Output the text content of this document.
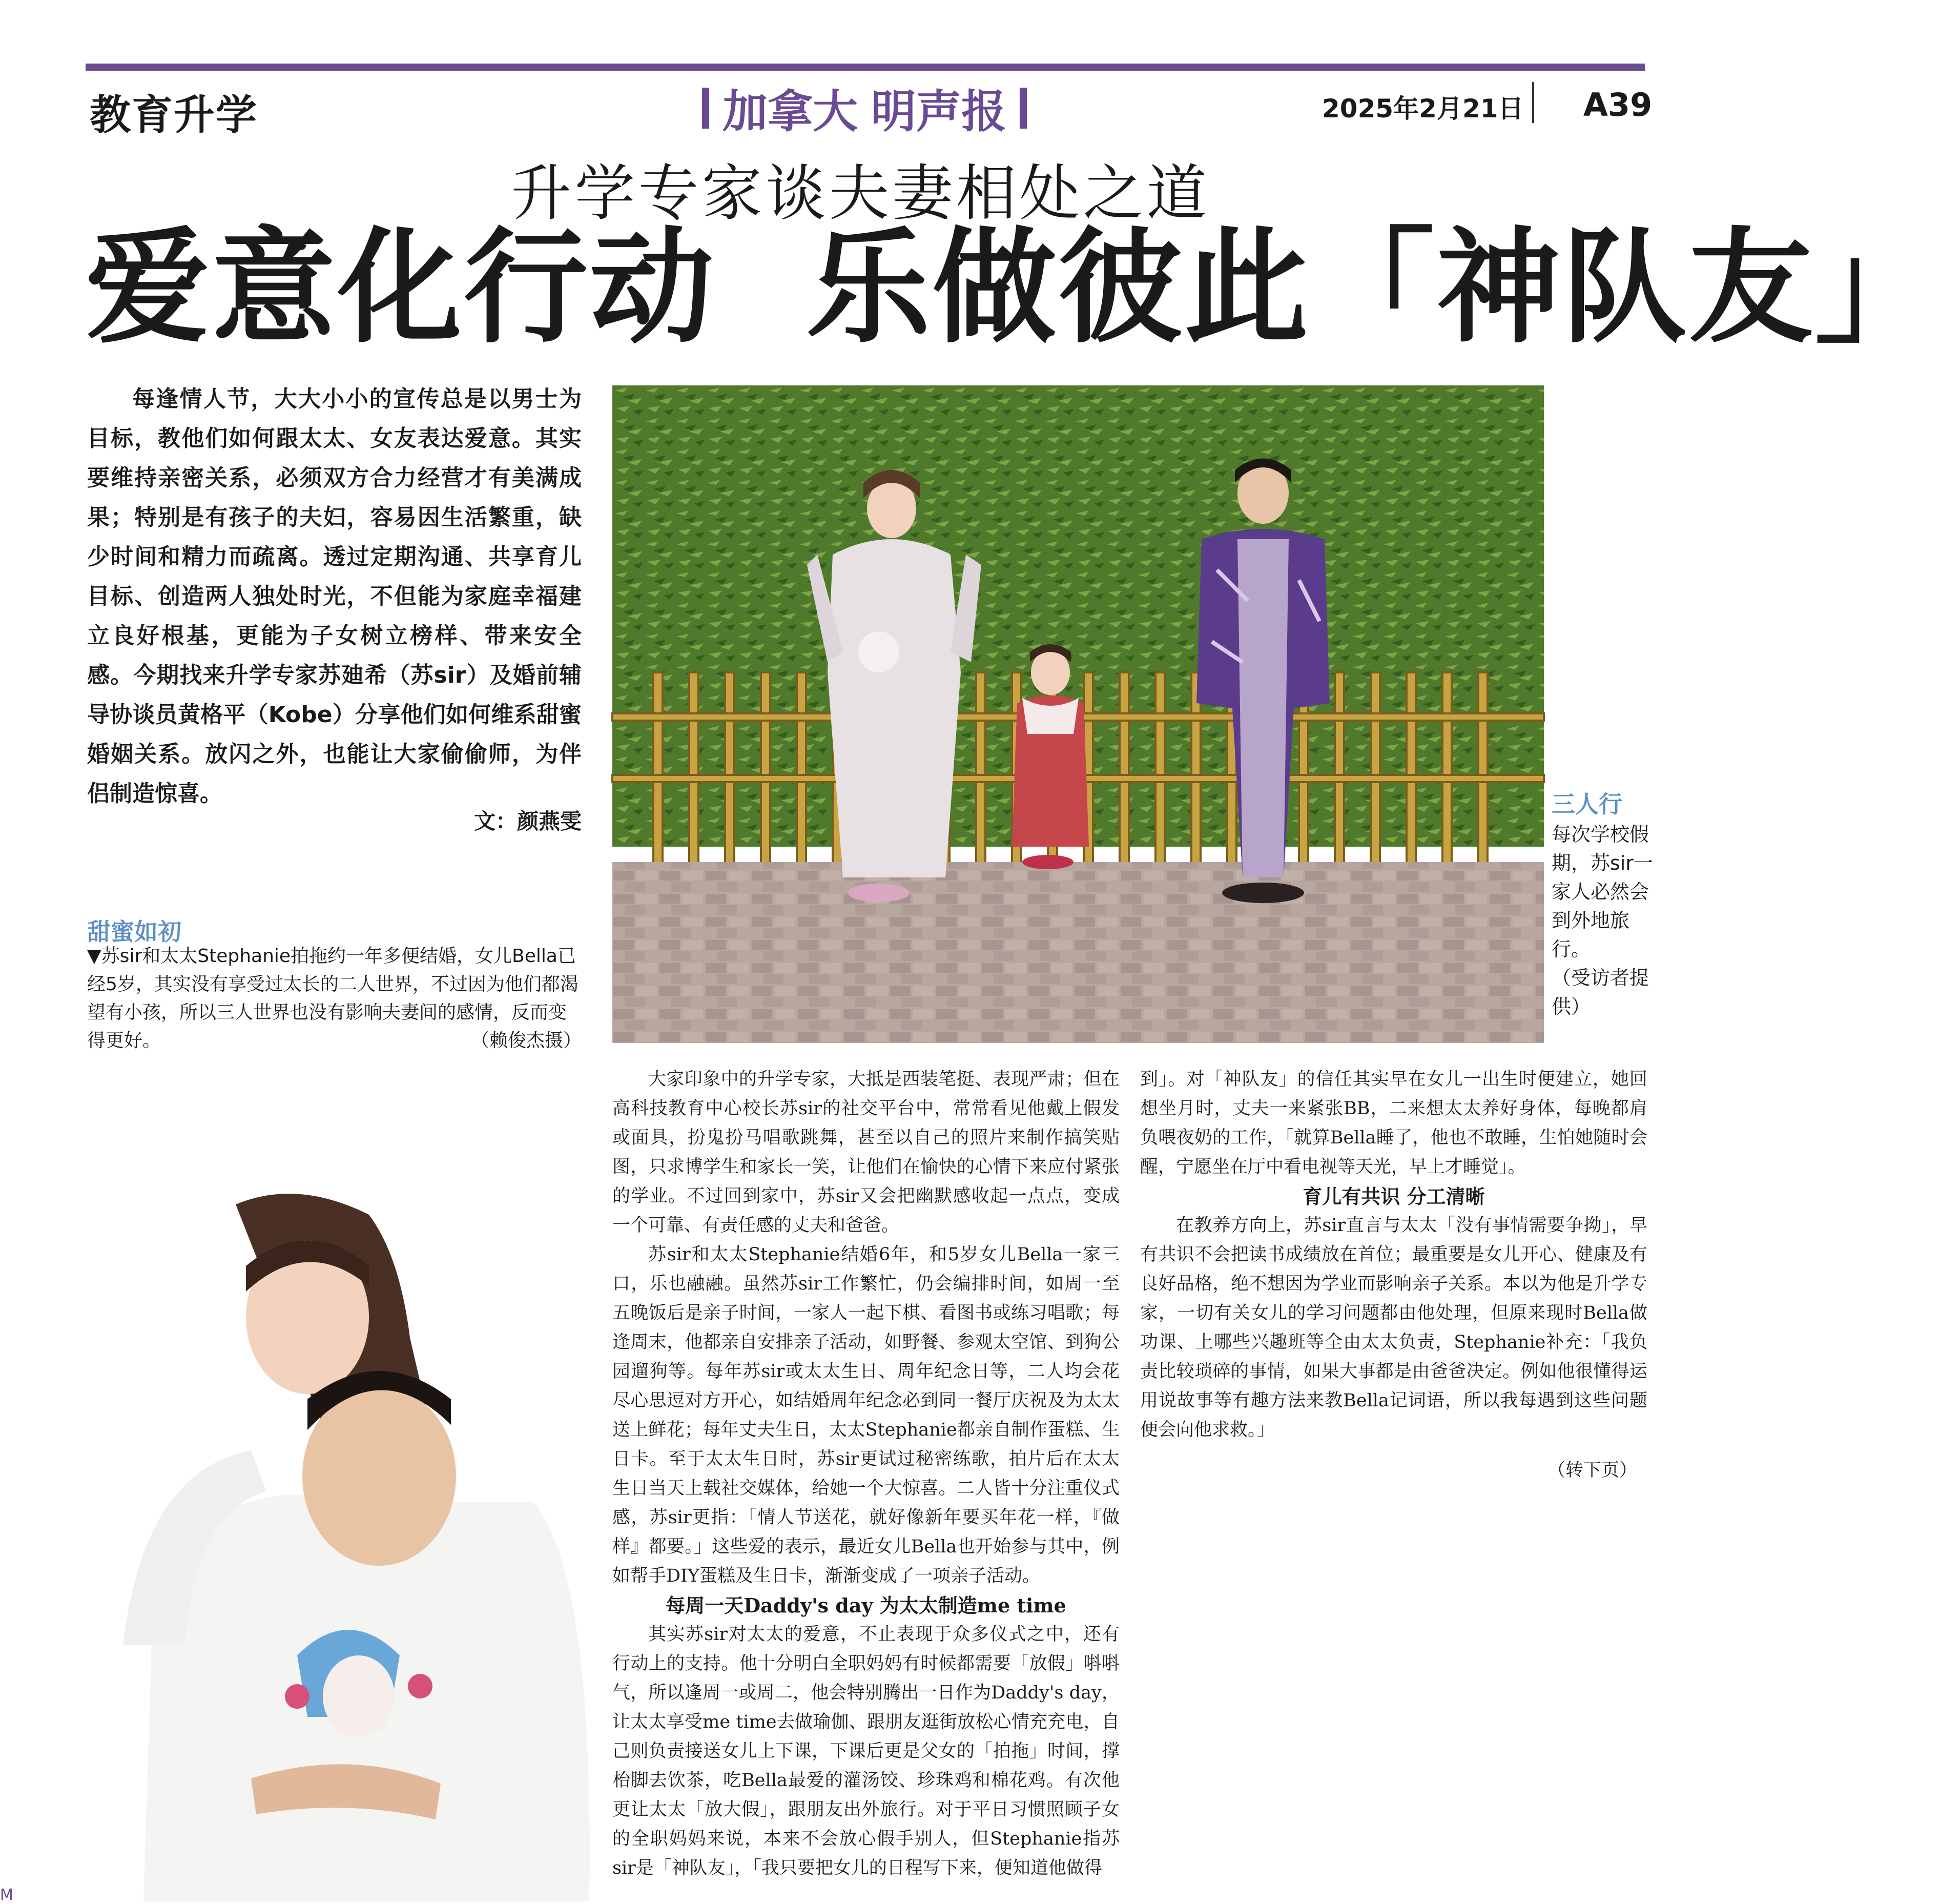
教育升学	加拿大 明声报	2025年2月21日 A39
升学专家谈夫妻相处之道
爱意化行动  乐做彼此「神队友」

每逢情人节，大大小小的宣传总是以男士为目标，教他们如何跟太太、女友表达爱意。其实要维持亲密关系，必须双方合力经营才有美满成果；特别是有孩子的夫妇，容易因生活繁重，缺少时间和精力而疏离。透过定期沟通、共享育儿目标、创造两人独处时光，不但能为家庭幸福建立良好根基，更能为子女树立榜样、带来安全感。今期找来升学专家苏廸希（苏sir）及婚前辅导协谈员黄格平（Kobe）分享他们如何维系甜蜜婚姻关系。放闪之外，也能让大家偷偷师，为伴侣制造惊喜。

文：颜燕雯
甜蜜如初
▼苏sir和太太Stephanie拍拖约一年多便结婚，女儿Bella已经5岁，其实没有享受过太长的二人世界，不过因为他们都渴望有小孩，所以三人世界也没有影响夫妻间的感情，反而变得更好。	（赖俊杰摄）
三人行
每次学校假期，苏sir一家人必然会到外地旅行。
（受访者提供）

大家印象中的升学专家，大抵是西装笔挺、表现严肃；但在高科技教育中心校长苏sir的社交平台中，常常看见他戴上假发或面具，扮鬼扮马唱歌跳舞，甚至以自己的照片来制作搞笑贴图，只求博学生和家长一笑，让他们在愉快的心情下来应付紧张的学业。不过回到家中，苏sir又会把幽默感收起一点点，变成一个可靠、有责任感的丈夫和爸爸。

苏sir和太太Stephanie结婚6年，和5岁女儿Bella一家三口，乐也融融。虽然苏sir工作繁忙，仍会编排时间，如周一至五晚饭后是亲子时间，一家人一起下棋、看图书或练习唱歌；每逢周末，他都亲自安排亲子活动，如野餐、参观太空馆、到狗公园遛狗等。每年苏sir或太太生日、周年纪念日等，二人均会花尽心思逗对方开心，如结婚周年纪念必到同一餐厅庆祝及为太太送上鲜花；每年丈夫生日，太太Stephanie都亲自制作蛋糕、生日卡。至于太太生日时，苏sir更试过秘密练歌，拍片后在太太生日当天上载社交媒体，给她一个大惊喜。二人皆十分注重仪式感，苏sir更指：「情人节送花，就好像新年要买年花一样，『做样』都要。」这些爱的表示，最近女儿Bella也开始参与其中，例如帮手DIY蛋糕及生日卡，渐渐变成了一项亲子活动。

每周一天Daddy's day 为太太制造me time

其实苏sir对太太的爱意，不止表现于众多仪式之中，还有行动上的支持。他十分明白全职妈妈有时候都需要「放假」唞唞气，所以逢周一或周二，他会特别腾出一日作为Daddy's day，让太太享受me time去做瑜伽、跟朋友逛街放松心情充充电，自己则负责接送女儿上下课，下课后更是父女的「拍拖」时间，撑枱脚去饮茶，吃Bella最爱的灌汤饺、珍珠鸡和棉花鸡。有次他更让太太「放大假」，跟朋友出外旅行。对于平日习惯照顾子女的全职妈妈来说，本来不会放心假手别人，但Stephanie指苏sir是「神队友」，「我只要把女儿的日程写下来，便知道他做得

到」。对「神队友」的信任其实早在女儿一出生时便建立，她回想坐月时，丈夫一来紧张BB，二来想太太养好身体，每晚都肩负喂夜奶的工作，「就算Bella睡了，他也不敢睡，生怕她随时会醒，宁愿坐在厅中看电视等天光，早上才睡觉」。

育儿有共识 分工清晰

在教养方向上，苏sir直言与太太「没有事情需要争拗」，早有共识不会把读书成绩放在首位；最重要是女儿开心、健康及有良好品格，绝不想因为学业而影响亲子关系。本以为他是升学专家，一切有关女儿的学习问题都由他处理，但原来现时Bella做功课、上哪些兴趣班等全由太太负责，Stephanie补充：「我负责比较琐碎的事情，如果大事都是由爸爸决定。例如他很懂得运用说故事等有趣方法来教Bella记词语，所以我每遇到这些问题便会向他求救。」

（转下页）
M
